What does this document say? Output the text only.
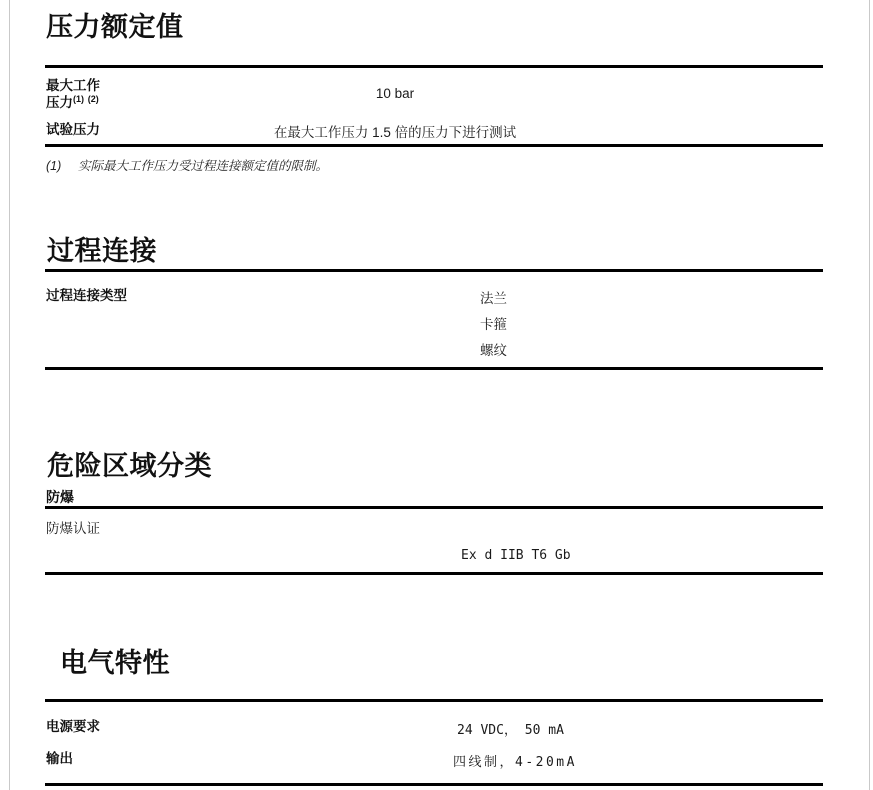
压力额定值
最大工作
压力$^{(1)}$ $^{(2)}$	10 bar
试验压力	在最大工作压力 1.5 倍的压力下进行测试
(1) 实际最大工作压力受过程连接额定值的限制。
过程连接
过程连接类型	法兰
卡箍
螺纹
危险区域分类
防爆
防爆认证
Ex d IIB T6 Gb
电气特性
电源要求	24 VDC， 50 mA
输出	四线制，4-20mA
